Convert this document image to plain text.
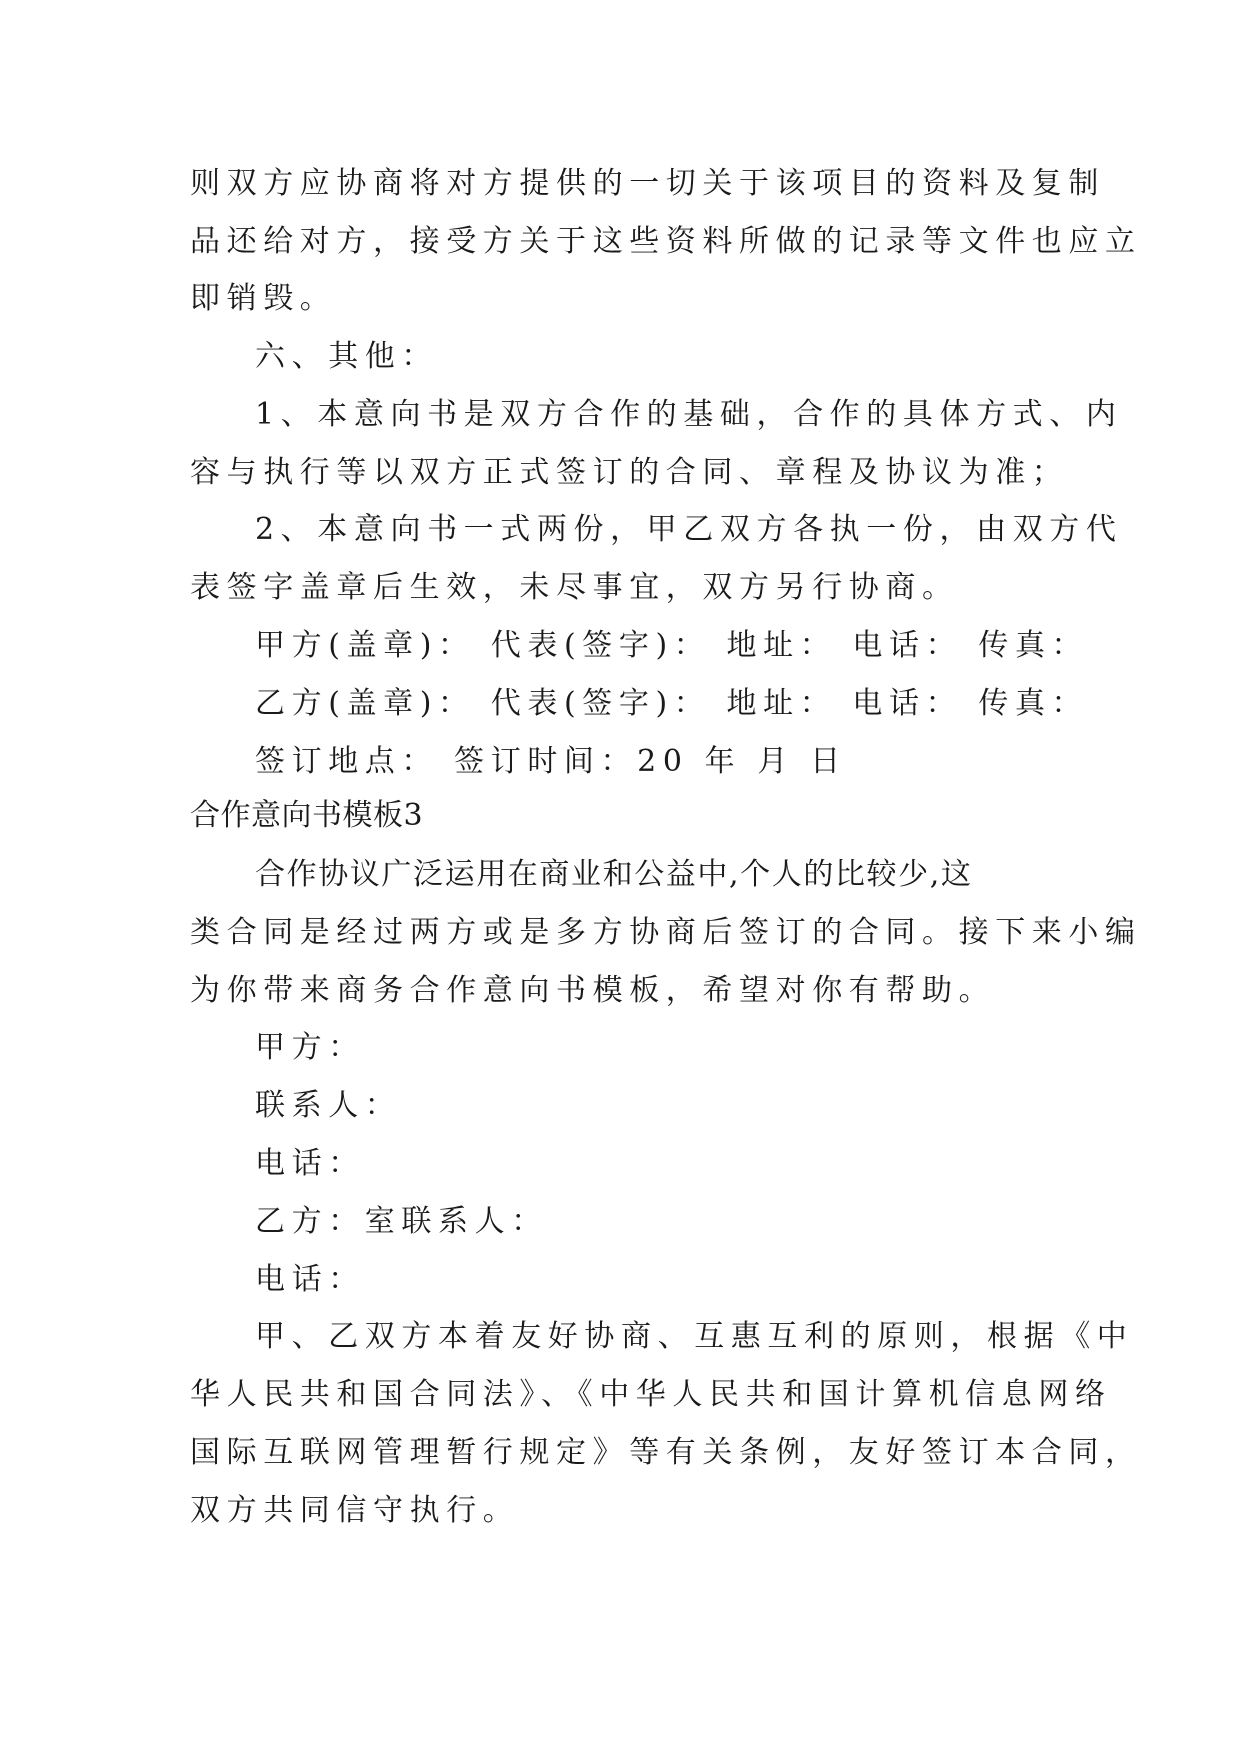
则双方应协商将对方提供的一切关于该项目的资料及复制
品还给对方，接受方关于这些资料所做的记录等文件也应立
即销毁。
六、其他：
1、本意向书是双方合作的基础，合作的具体方式、内
容与执行等以双方正式签订的合同、章程及协议为准；
2、本意向书一式两份，甲乙双方各执一份，由双方代
表签字盖章后生效，未尽事宜，双方另行协商。
甲方(盖章)： 代表(签字)： 地址： 电话： 传真：
乙方(盖章)： 代表(签字)： 地址： 电话： 传真：
签订地点： 签订时间：20 年 月 日
合作意向书模板3
合作协议广泛运用在商业和公益中,个人的比较少,这
类合同是经过两方或是多方协商后签订的合同。接下来小编
为你带来商务合作意向书模板，希望对你有帮助。
甲方：
联系人：
电话：
乙方：室联系人：
电话：
甲、乙双方本着友好协商、互惠互利的原则，根据《中
华人民共和国合同法》、《中华人民共和国计算机信息网络
国际互联网管理暂行规定》等有关条例，友好签订本合同，
双方共同信守执行。
